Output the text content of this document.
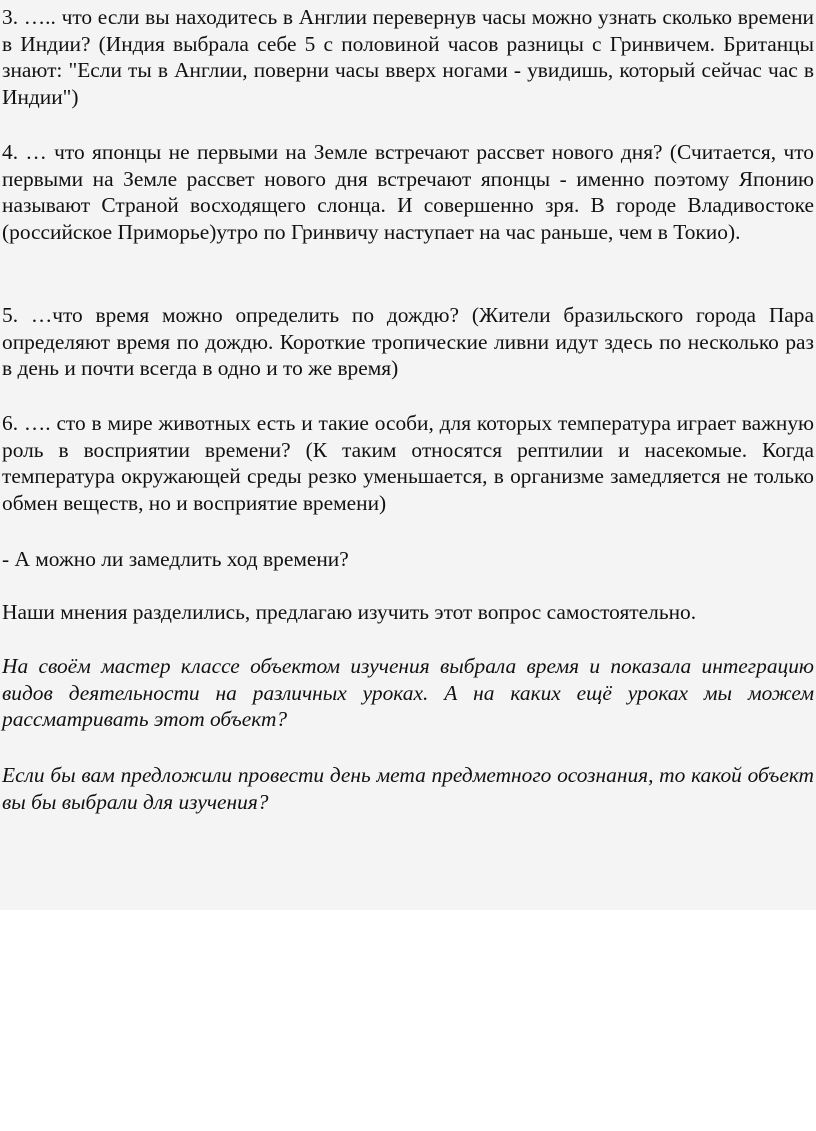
3. ….. что если вы находитесь в Англии перевернув часы можно узнать сколько времени в Индии? (Индия выбрала себе 5 с половиной часов разницы с Гринвичем. Британцы знают: "Если ты в Англии, поверни часы вверх ногами - увидишь, который сейчас час в Индии")

4. … что японцы не первыми на Земле встречают рассвет нового дня? (Считается, что первыми на Земле рассвет нового дня встречают японцы - именно поэтому Японию называют Страной восходящего слонца. И совершенно зря. В городе Владивостоке (российское Приморье)утро по Гринвичу наступает на час раньше, чем в Токио).

5. …что время можно определить по дождю? (Жители бразильского города Пара определяют время по дождю. Короткие тропические ливни идут здесь по несколько раз в день и почти всегда в одно и то же время)

6. …. сто в мире животных есть и такие особи, для которых температура играет важную роль в восприятии времени? (К таким относятся рептилии и насекомые. Когда температура окружающей среды резко уменьшается, в организме замедляется не только обмен веществ, но и восприятие времени)

- А можно ли замедлить ход времени?

Наши мнения разделились, предлагаю изучить этот вопрос самостоятельно.

На своём мастер классе объектом изучения выбрала время и показала интеграцию видов деятельности на различных уроках. А на каких ещё уроках мы можем рассматривать этот объект?

Если бы вам предложили провести день мета предметного осознания, то какой объект вы бы выбрали для изучения?
